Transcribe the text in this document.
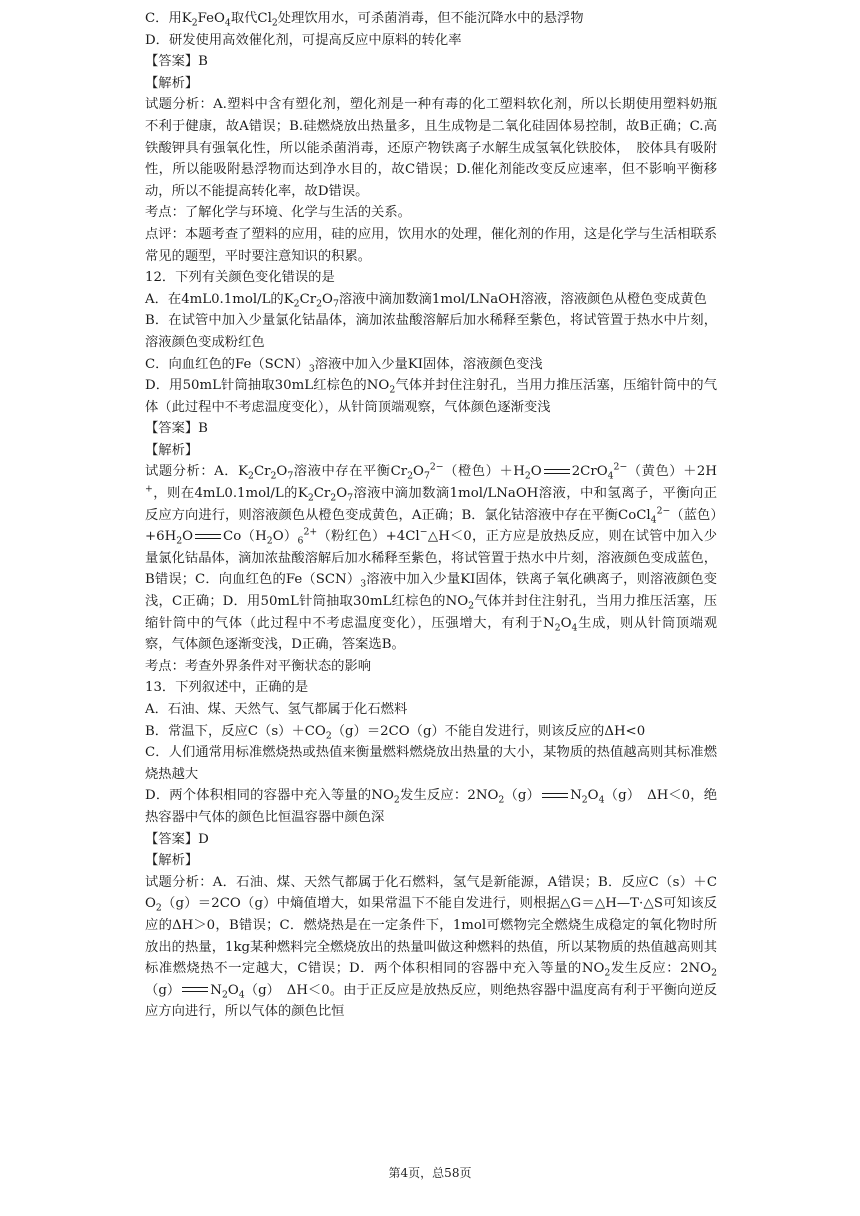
C．用$K_2FeO_4$取代$Cl_2$处理饮用水，可杀菌消毒，但不能沉降水中的悬浮物

D．研发使用高效催化剂，可提高反应中原料的转化率

【答案】B

【解析】

试题分析：A.塑料中含有塑化剂，塑化剂是一种有毒的化工塑料软化剂，所以长期使用塑料奶瓶不利于健康，故A错误；B.硅燃烧放出热量多，且生成物是二氧化硅固体易控制，故B正确；C.高铁酸钾具有强氧化性，所以能杀菌消毒，还原产物铁离子水解生成氢氧化铁胶体，　胶体具有吸附性，所以能吸附悬浮物而达到净水目的，故C错误；D.催化剂能改变反应速率，但不影响平衡移动，所以不能提高转化率，故D错误。

考点：了解化学与环境、化学与生活的关系。

点评：本题考查了塑料的应用，硅的应用，饮用水的处理，催化剂的作用，这是化学与生活相联系常见的题型，平时要注意知识的积累。

12．下列有关颜色变化错误的是

A．在4mL0.1mol/L的$K_2Cr_2O_7$溶液中滴加数滴1mol/LNaOH溶液，溶液颜色从橙色变成黄色

B．在试管中加入少量氯化钴晶体，滴加浓盐酸溶解后加水稀释至紫色，将试管置于热水中片刻，溶液颜色变成粉红色

C．向血红色的$Fe(SCN)_3$溶液中加入少量KI固体，溶液颜色变浅

D．用50mL针筒抽取30mL红棕色的$NO_2$气体并封住注射孔，当用力推压活塞，压缩针筒中的气体（此过程中不考虑温度变化），从针筒顶端观察，气体颜色逐渐变浅

【答案】B

【解析】

试题分析：A．$K_2Cr_2O_7$溶液中存在平衡$Cr_2O_7^{2-}$（橙色）$+H_2O$ 2CrO$_4^{2-}$（黄色）＋2H+，则在4mL0.1mol/L的$K_2Cr_2O_7$溶液中滴加数滴1mol/LNaOH溶液，中和氢离子，平衡向正反应方向进行，则溶液颜色从橙色变成黄色，A正确；B．氯化钴溶液中存在平衡CoCl$_4^{2-}$（蓝色）$+6H_2O$ $Co(H_2O)_6^{2+}$（粉红色）+4Cl−△H＜0，正方应是放热反应，则在试管中加入少量氯化钴晶体，滴加浓盐酸溶解后加水稀释至紫色，将试管置于热水中片刻，溶液颜色变成蓝色，B错误；C．向血红色的$Fe(SCN)_3$溶液中加入少量KI固体，铁离子氧化碘离子，则溶液颜色变浅，C正确；D．用50mL针筒抽取30mL红棕色的$NO_2$气体并封住注射孔，当用力推压活塞，压缩针筒中的气体（此过程中不考虑温度变化），压强增大，有利于$N_2O_4$生成，则从针筒顶端观察，气体颜色逐渐变浅，D正确，答案选B。

考点：考查外界条件对平衡状态的影响

13．下列叙述中，正确的是

A．石油、煤、天然气、氢气都属于化石燃料

B．常温下，反应$C(s)+CO_2(g)=2CO(g)$不能自发进行，则该反应的ΔH<0

C．人们通常用标准燃烧热或热值来衡量燃料燃烧放出热量的大小，某物质的热值越高则其标准燃烧热越大

D．两个体积相同的容器中充入等量的$NO_2$发生反应：$2NO_2(g)$ $N_2O_4(g)$　ΔH＜0，绝热容器中气体的颜色比恒温容器中颜色深

【答案】D

【解析】

试题分析：A．石油、煤、天然气都属于化石燃料，氢气是新能源，A错误；B．反应$C(s)+CO_2(g)=2CO(g)$中熵值增大，如果常温下不能自发进行，则根据△G＝△H—T·△S可知该反应的ΔH＞0，B错误；C．燃烧热是在一定条件下，1mol可燃物完全燃烧生成稳定的氧化物时所放出的热量，1kg某种燃料完全燃烧放出的热量叫做这种燃料的热值，所以某物质的热值越高则其标准燃烧热不一定越大，C错误；D．两个体积相同的容器中充入等量的$NO_2$发生反应：$2NO_2(g)$ $N_2O_4(g)$　ΔH＜0。由于正反应是放热反应，则绝热容器中温度高有利于平衡向逆反应方向进行，所以气体的颜色比恒

第4页，总58页
